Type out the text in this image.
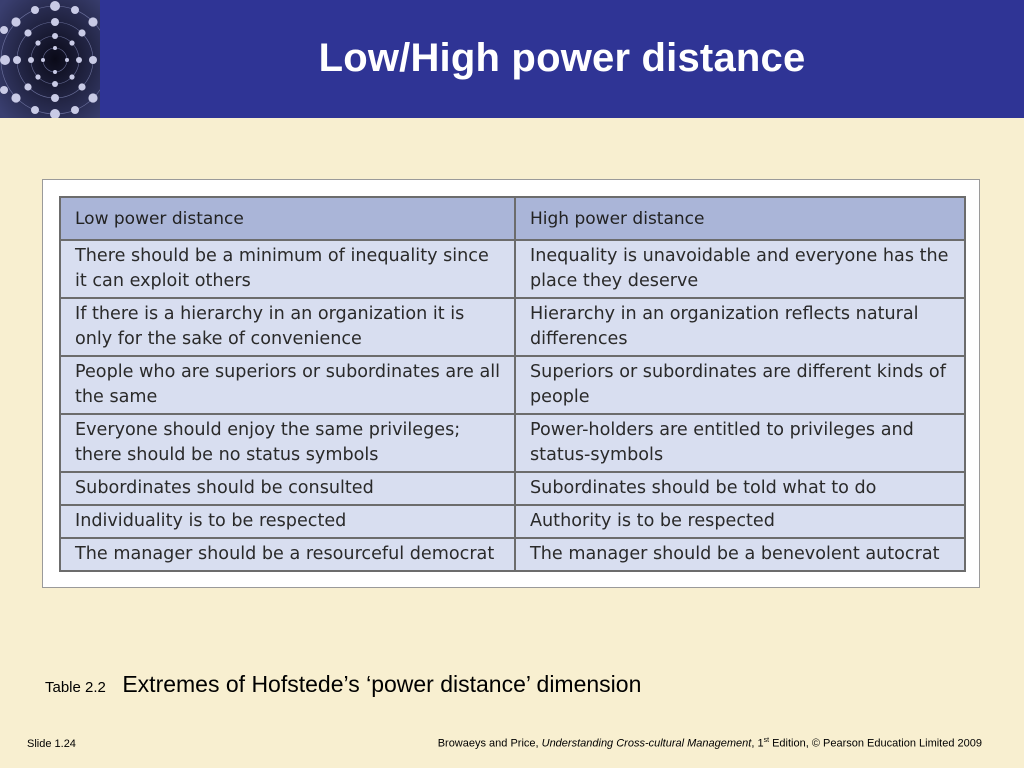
Low/High power distance
Low power distance	High power distance
There should be a minimum of inequality since it can exploit others	Inequality is unavoidable and everyone has the place they deserve
If there is a hierarchy in an organization it is only for the sake of convenience	Hierarchy in an organization reflects natural differences
People who are superiors or subordinates are all the same	Superiors or subordinates are different kinds of people
Everyone should enjoy the same privileges; there should be no status symbols	Power-holders are entitled to privileges and status-symbols
Subordinates should be consulted	Subordinates should be told what to do
Individuality is to be respected	Authority is to be respected
The manager should be a resourceful democrat	The manager should be a benevolent autocrat
Table 2.2 Extremes of Hofstede’s ‘power distance’ dimension
Slide 1.24	Browaeys and Price, Understanding Cross-cultural Management, 1st Edition, © Pearson Education Limited 2009
